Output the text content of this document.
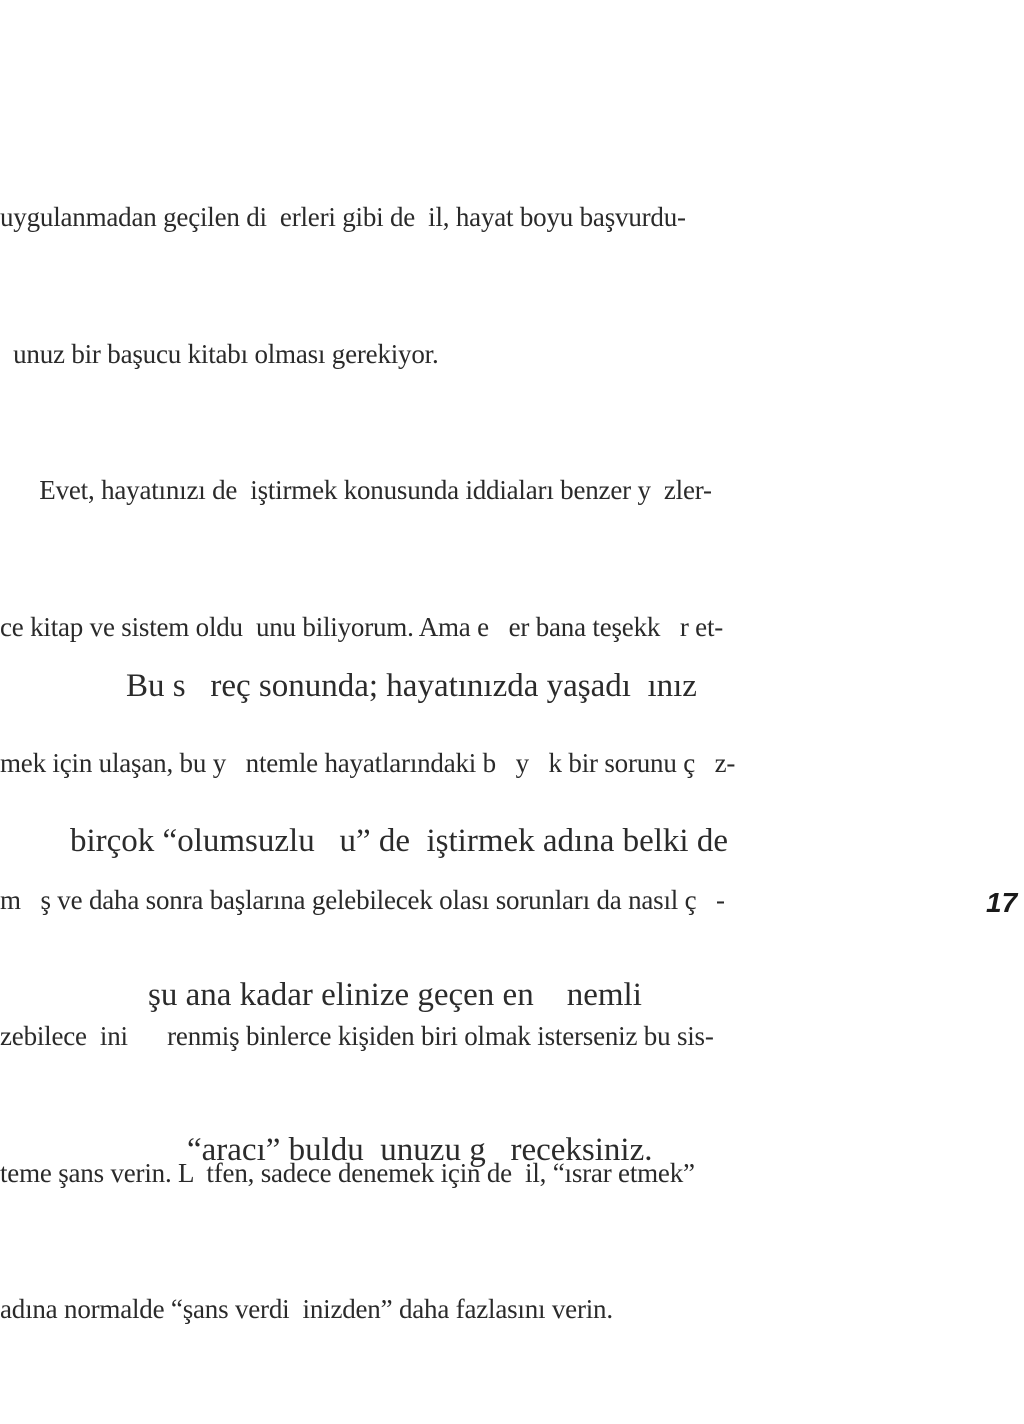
uygulanmadan geçilen di  erleri gibi de  il, hayat boyu başvurdu-

unuz bir başucu kitabı olması gerekiyor.

Evet, hayatınızı de  iştirmek konusunda iddiaları benzer y  zler-

ce kitap ve sistem oldu  unu biliyorum. Ama e   er bana teşekk   r et-

mek için ulaşan, bu y   ntemle hayatlarındaki b   y   k bir sorunu ç   z-

m   ş ve daha sonra başlarına gelebilecek olası sorunları da nasıl ç   -

zebilece  ini      renmiş binlerce kişiden biri olmak isterseniz bu sis-

teme şans verin. L  tfen, sadece denemek için de  il, “ısrar etmek”

adına normalde “şans verdi  inizden” daha fazlasını verin.

Bu s   reç sonunda; hayatınızda yaşadı  ınız

birçok “olumsuzlu   u” de  iştirmek adına belki de

şu ana kadar elinize geçen en    nemli

“aracı” buldu  unuzu g   receksiniz.

17
